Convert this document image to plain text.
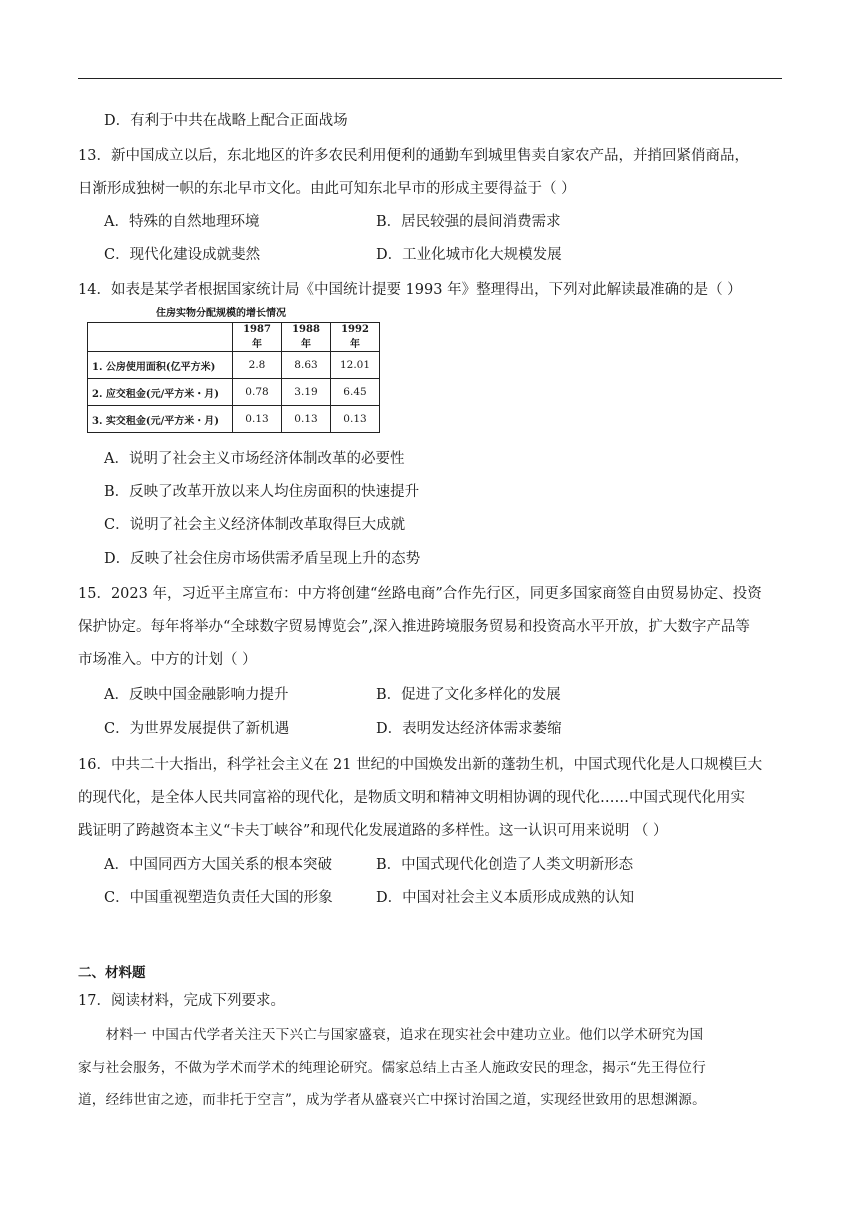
D．有利于中共在战略上配合正面战场
13．新中国成立以后，东北地区的许多农民利用便利的通勤车到城里售卖自家农产品，并捎回紧俏商品，
日渐形成独树一帜的东北早市文化。由此可知东北早市的形成主要得益于（ ）
A．特殊的自然地理环境	B．居民较强的晨间消费需求
C．现代化建设成就斐然	D．工业化城市化大规模发展
14．如表是某学者根据国家统计局《中国统计提要 1993 年》整理得出，下列对此解读最准确的是（ ）
住房实物分配规模的增长情况
	1987 年	1988 年	1992 年
1. 公房使用面积(亿平方米)	2.8	8.63	12.01
2. 应交租金(元/平方米・月)	0.78	3.19	6.45
3. 实交租金(元/平方米・月)	0.13	0.13	0.13
A．说明了社会主义市场经济体制改革的必要性
B．反映了改革开放以来人均住房面积的快速提升
C．说明了社会主义经济体制改革取得巨大成就
D．反映了社会住房市场供需矛盾呈现上升的态势
15．2023 年，习近平主席宣布：中方将创建“丝路电商”合作先行区，同更多国家商签自由贸易协定、投资
保护协定。每年将举办“全球数字贸易博览会”,深入推进跨境服务贸易和投资高水平开放，扩大数字产品等
市场准入。中方的计划（ ）
A．反映中国金融影响力提升	B．促进了文化多样化的发展
C．为世界发展提供了新机遇	D．表明发达经济体需求萎缩
16．中共二十大指出，科学社会主义在 21 世纪的中国焕发出新的蓬勃生机，中国式现代化是人口规模巨大
的现代化，是全体人民共同富裕的现代化，是物质文明和精神文明相协调的现代化……中国式现代化用实
践证明了跨越资本主义“卡夫丁峡谷”和现代化发展道路的多样性。这一认识可用来说明 （ ）
A．中国同西方大国关系的根本突破	B．中国式现代化创造了人类文明新形态
C．中国重视塑造负责任大国的形象	D．中国对社会主义本质形成成熟的认知
二、材料题
17．阅读材料，完成下列要求。
　　材料一 中国古代学者关注天下兴亡与国家盛衰，追求在现实社会中建功立业。他们以学术研究为国
家与社会服务，不做为学术而学术的纯理论研究。儒家总结上古圣人施政安民的理念，揭示“先王得位行
道，经纬世宙之迹，而非托于空言”，成为学者从盛衰兴亡中探讨治国之道，实现经世致用的思想渊源。
